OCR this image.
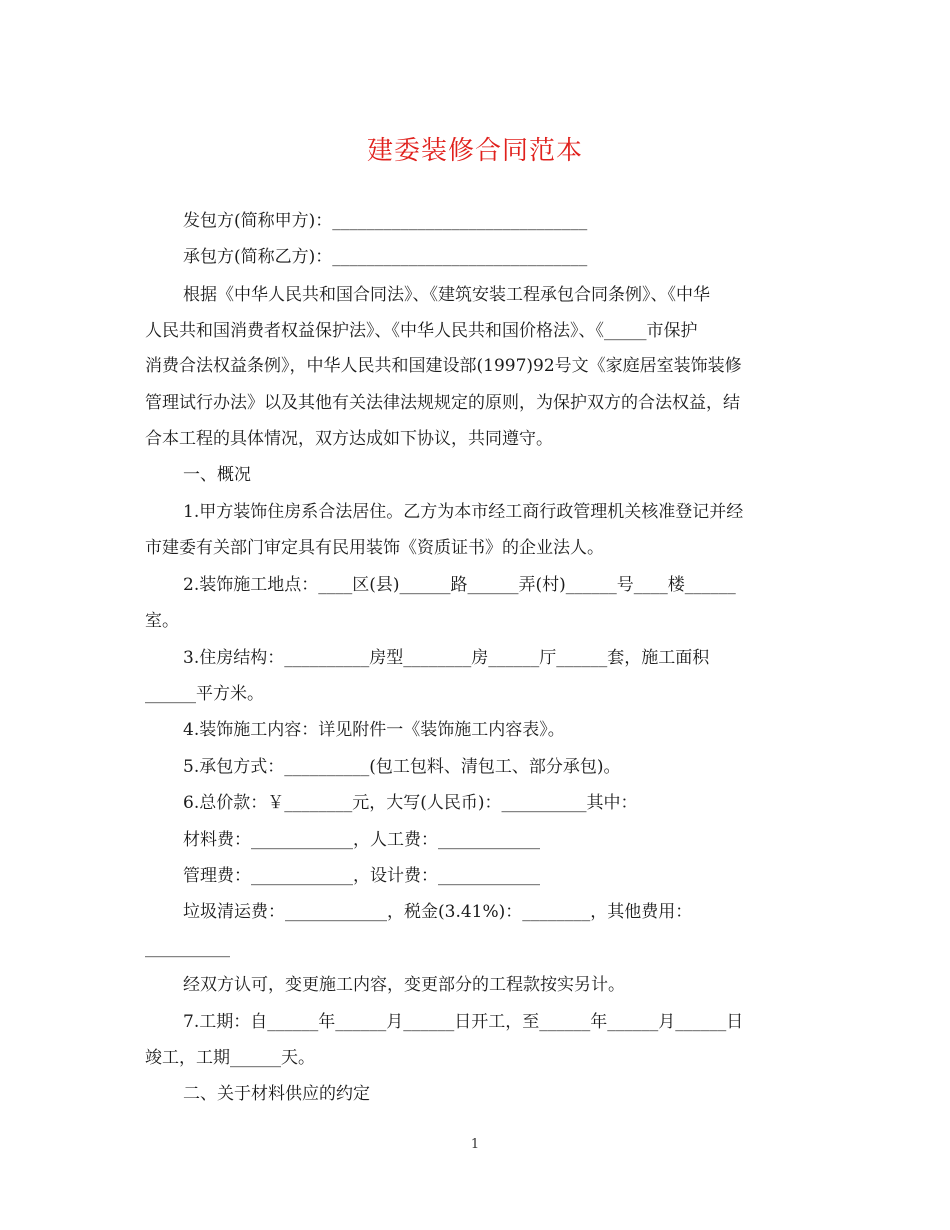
建委装修合同范本
发包方(简称甲方)：______________________________
承包方(简称乙方)：______________________________
根据《中华人民共和国合同法》、《建筑安装工程承包合同条例》、《中华
人民共和国消费者权益保护法》、《中华人民共和国价格法》、《_____市保护
消费合法权益条例》，中华人民共和国建设部(1997)92号文《家庭居室装饰装修
管理试行办法》以及其他有关法律法规规定的原则，为保护双方的合法权益，结
合本工程的具体情况，双方达成如下协议，共同遵守。
一、概况
1.甲方装饰住房系合法居住。乙方为本市经工商行政管理机关核准登记并经
市建委有关部门审定具有民用装饰《资质证书》的企业法人。
2.装饰施工地点：____区(县)______路______弄(村)______号____楼______
室。
3.住房结构：__________房型________房______厅______套，施工面积
______平方米。
4.装饰施工内容：详见附件一《装饰施工内容表》。
5.承包方式：__________(包工包料、清包工、部分承包)。
6.总价款：￥________元，大写(人民币)：__________其中：
材料费：____________，人工费：____________
管理费：____________，设计费：____________
垃圾清运费：____________，税金(3.41%)：________，其他费用：
__________
经双方认可，变更施工内容，变更部分的工程款按实另计。
7.工期：自______年______月______日开工，至______年______月______日
竣工，工期______天。
二、关于材料供应的约定
1
